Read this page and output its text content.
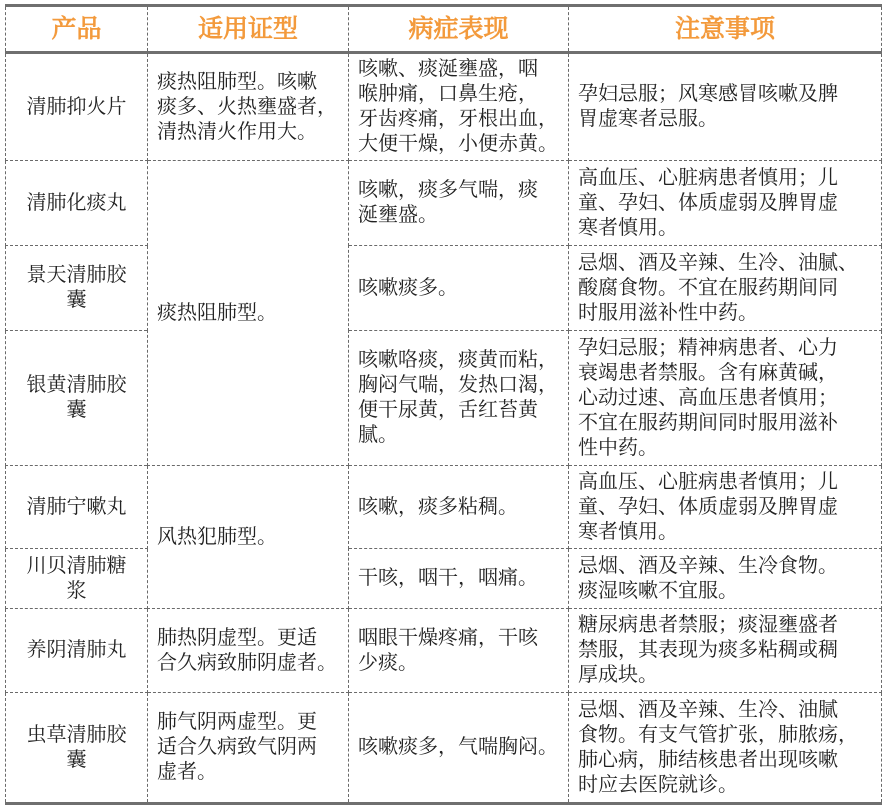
产品	适用证型	病症表现	注意事项

清肺抑火片	痰热阻肺型。咳嗽
痰多、火热壅盛者，
清热清火作用大。	咳嗽、痰涎壅盛，咽
喉肿痛，口鼻生疮，
牙齿疼痛，牙根出血，
大便干燥，小便赤黄。	孕妇忌服；风寒感冒咳嗽及脾
胃虚寒者忌服。

清肺化痰丸	痰热阻肺型。	咳嗽，痰多气喘，痰
涎壅盛。	高血压、心脏病患者慎用；儿
童、孕妇、体质虚弱及脾胃虚
寒者慎用。

景天清肺胶
囊		咳嗽痰多。	忌烟、酒及辛辣、生冷、油腻、
酸腐食物。不宜在服药期间同
时服用滋补性中药。

银黄清肺胶
囊		咳嗽咯痰，痰黄而粘，
胸闷气喘，发热口渴，
便干尿黄，舌红苔黄
腻。	孕妇忌服；精神病患者、心力
衰竭患者禁服。含有麻黄碱，
心动过速、高血压患者慎用；
不宜在服药期间同时服用滋补
性中药。

清肺宁嗽丸	风热犯肺型。	咳嗽，痰多粘稠。	高血压、心脏病患者慎用；儿
童、孕妇、体质虚弱及脾胃虚
寒者慎用。

川贝清肺糖
浆		干咳，咽干，咽痛。	忌烟、酒及辛辣、生冷食物。
痰湿咳嗽不宜服。

养阴清肺丸	肺热阴虚型。更适
合久病致肺阴虚者。	咽眼干燥疼痛，干咳
少痰。	糖尿病患者禁服；痰湿壅盛者
禁服，其表现为痰多粘稠或稠
厚成块。

虫草清肺胶
囊	肺气阴两虚型。更
适合久病致气阴两
虚者。	咳嗽痰多，气喘胸闷。	忌烟、酒及辛辣、生冷、油腻
食物。有支气管扩张，肺脓疡，
肺心病，肺结核患者出现咳嗽
时应去医院就诊。
